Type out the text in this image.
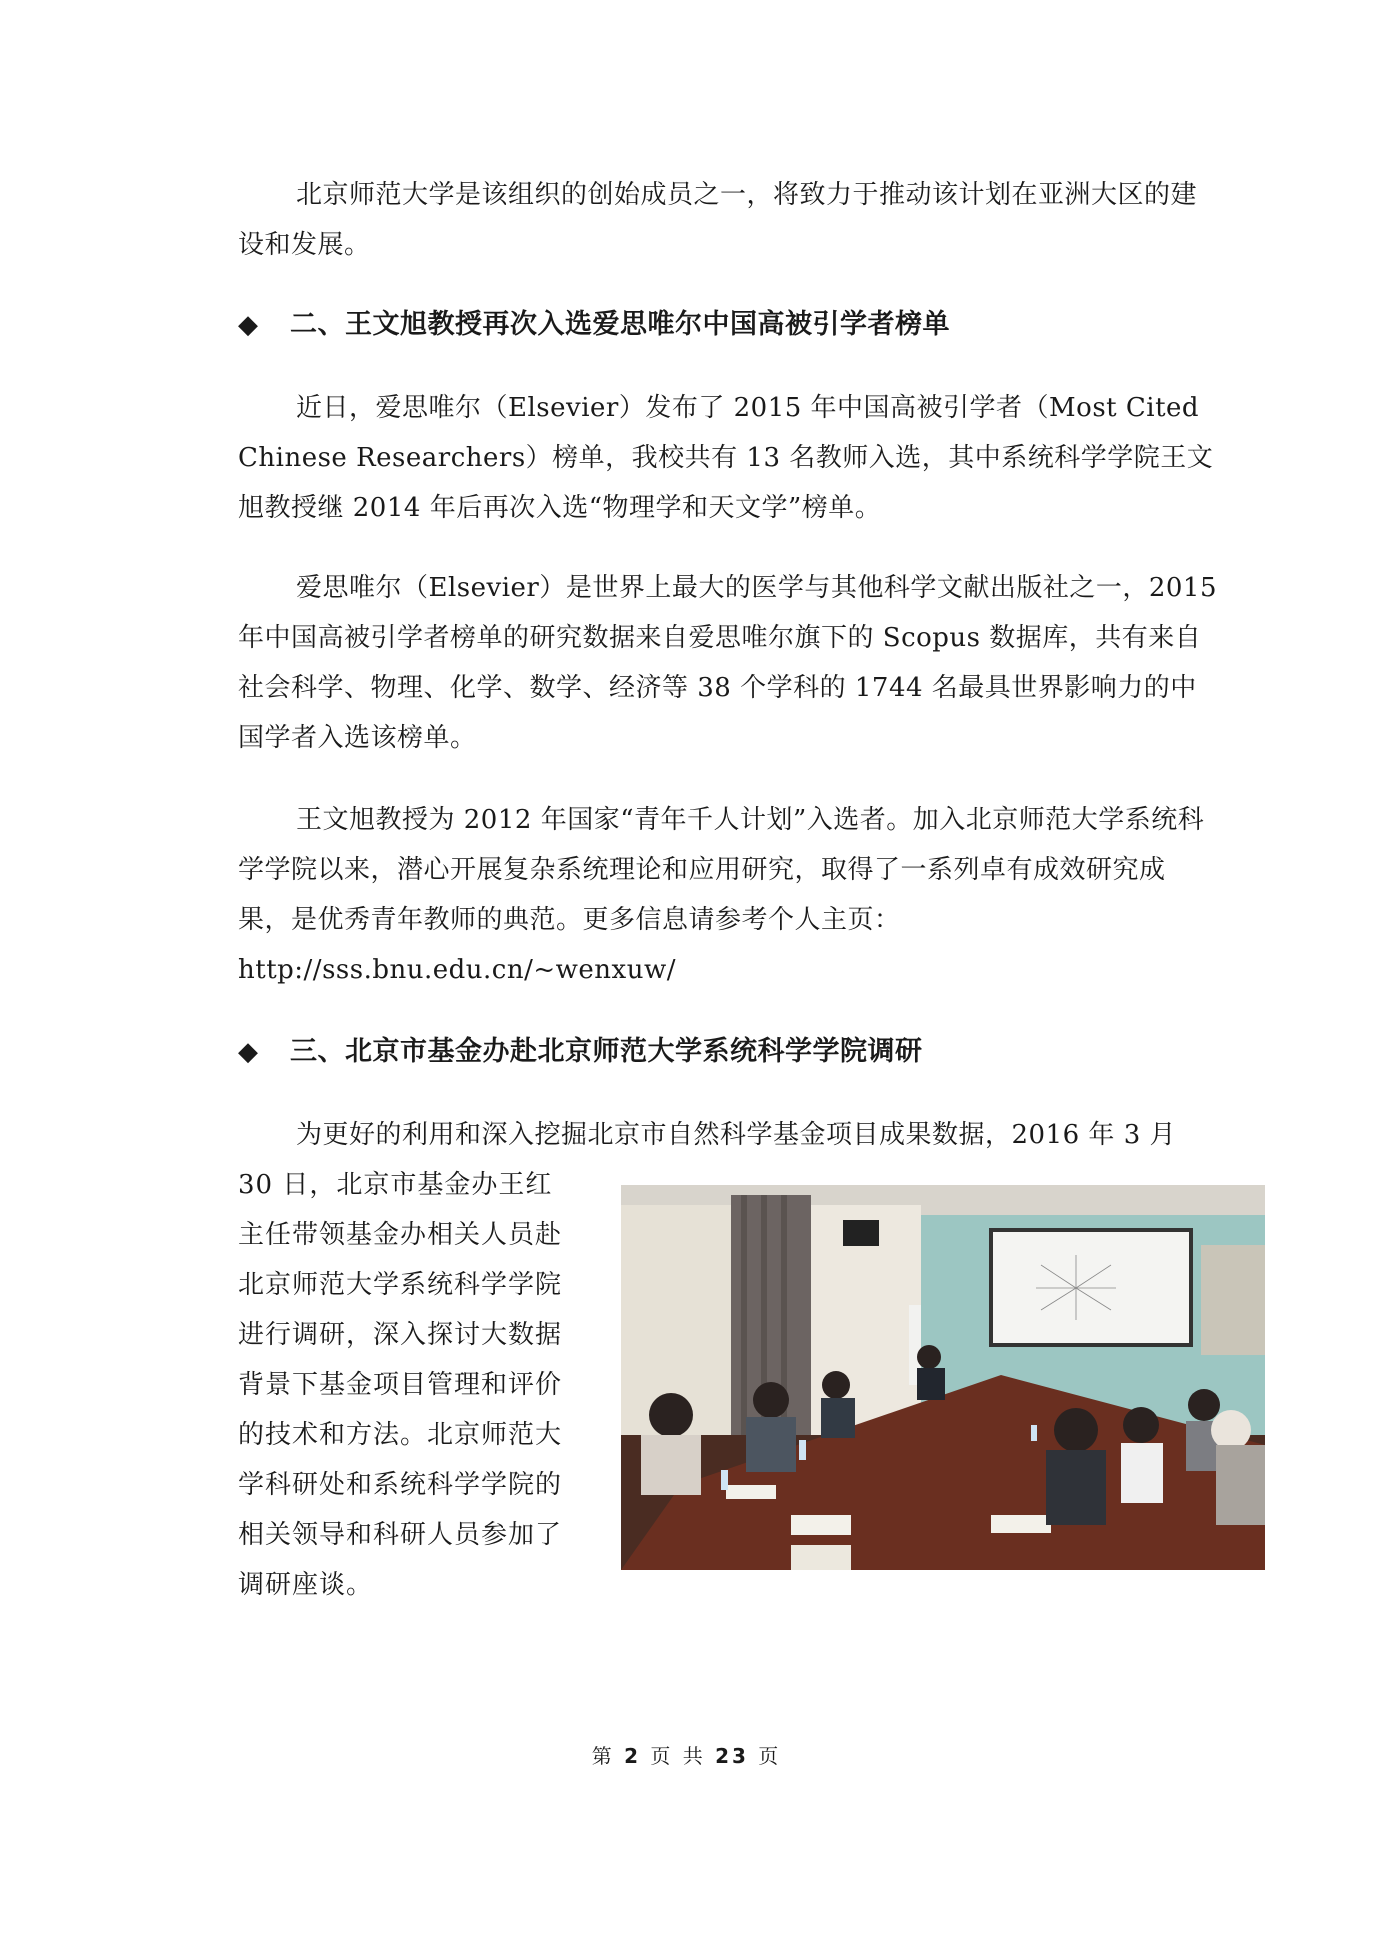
北京师范大学是该组织的创始成员之一，将致力于推动该计划在亚洲大区的建设和发展。

◆ 二、王文旭教授再次入选爱思唯尔中国高被引学者榜单

近日，爱思唯尔（Elsevier）发布了 2015 年中国高被引学者（Most Cited Chinese Researchers）榜单，我校共有 13 名教师入选，其中系统科学学院王文旭教授继 2014 年后再次入选“物理学和天文学”榜单。

爱思唯尔（Elsevier）是世界上最大的医学与其他科学文献出版社之一，2015 年中国高被引学者榜单的研究数据来自爱思唯尔旗下的 Scopus 数据库，共有来自社会科学、物理、化学、数学、经济等 38 个学科的 1744 名最具世界影响力的中国学者入选该榜单。

王文旭教授为 2012 年国家“青年千人计划”入选者。加入北京师范大学系统科学学院以来，潜心开展复杂系统理论和应用研究，取得了一系列卓有成效研究成果，是优秀青年教师的典范。更多信息请参考个人主页：
http://sss.bnu.edu.cn/~wenxuw/

◆ 三、北京市基金办赴北京师范大学系统科学学院调研

为更好的利用和深入挖掘北京市自然科学基金项目成果数据，2016 年 3 月

30 日，北京市基金办王红主任带领基金办相关人员赴北京师范大学系统科学学院进行调研，深入探讨大数据背景下基金项目管理和评价的技术和方法。北京师范大学科研处和系统科学学院的相关领导和科研人员参加了调研座谈。

第 2 页 共 23 页
